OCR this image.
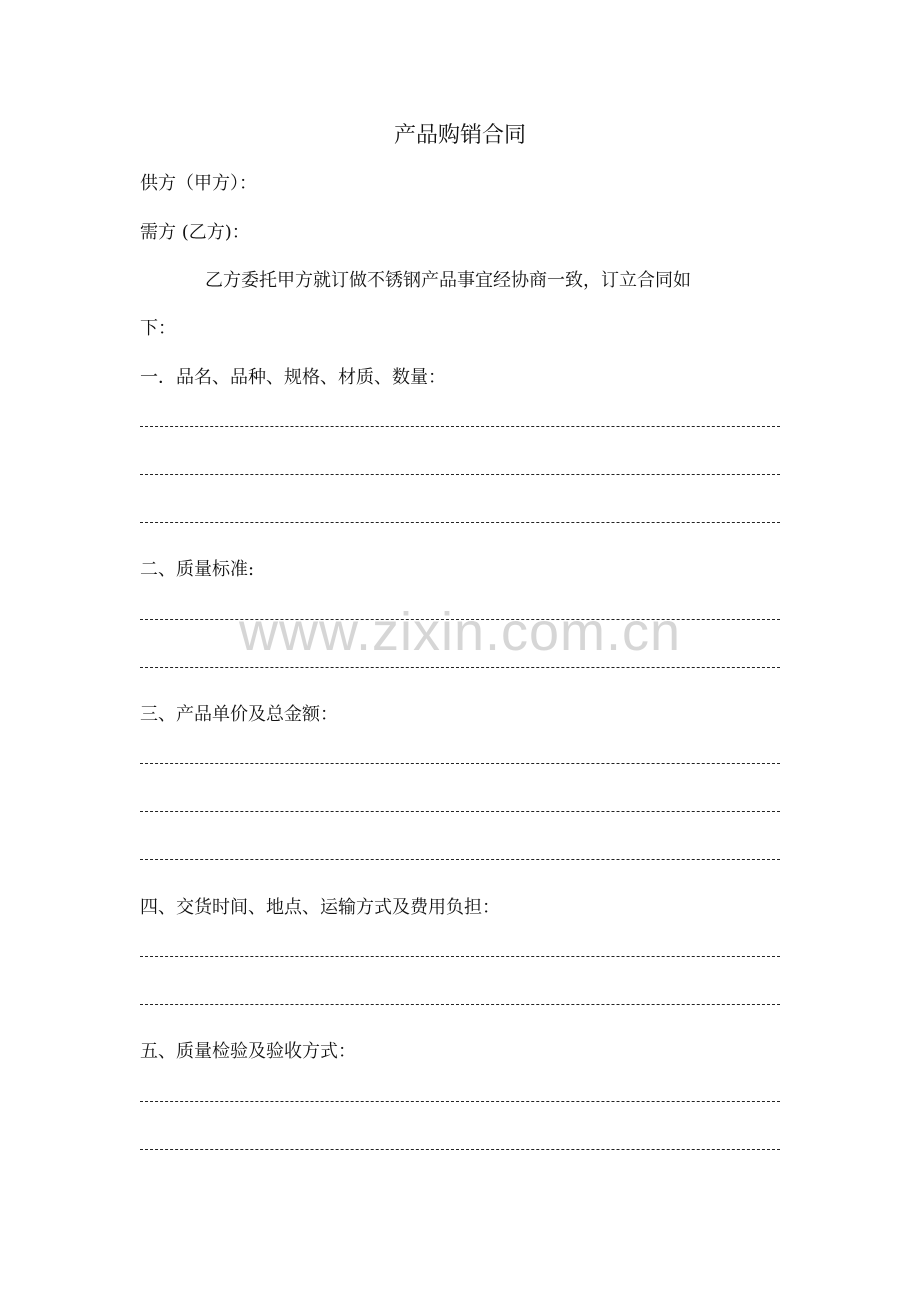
产品购销合同
供方（甲方）：
需方 (乙方)：
乙方委托甲方就订做不锈钢产品事宜经协商一致，订立合同如
下：
一．品名、品种、规格、材质、数量：
二、质量标准:
三、产品单价及总金额：
四、交货时间、地点、运输方式及费用负担：
五、质量检验及验收方式：
www.zixin.com.cn
